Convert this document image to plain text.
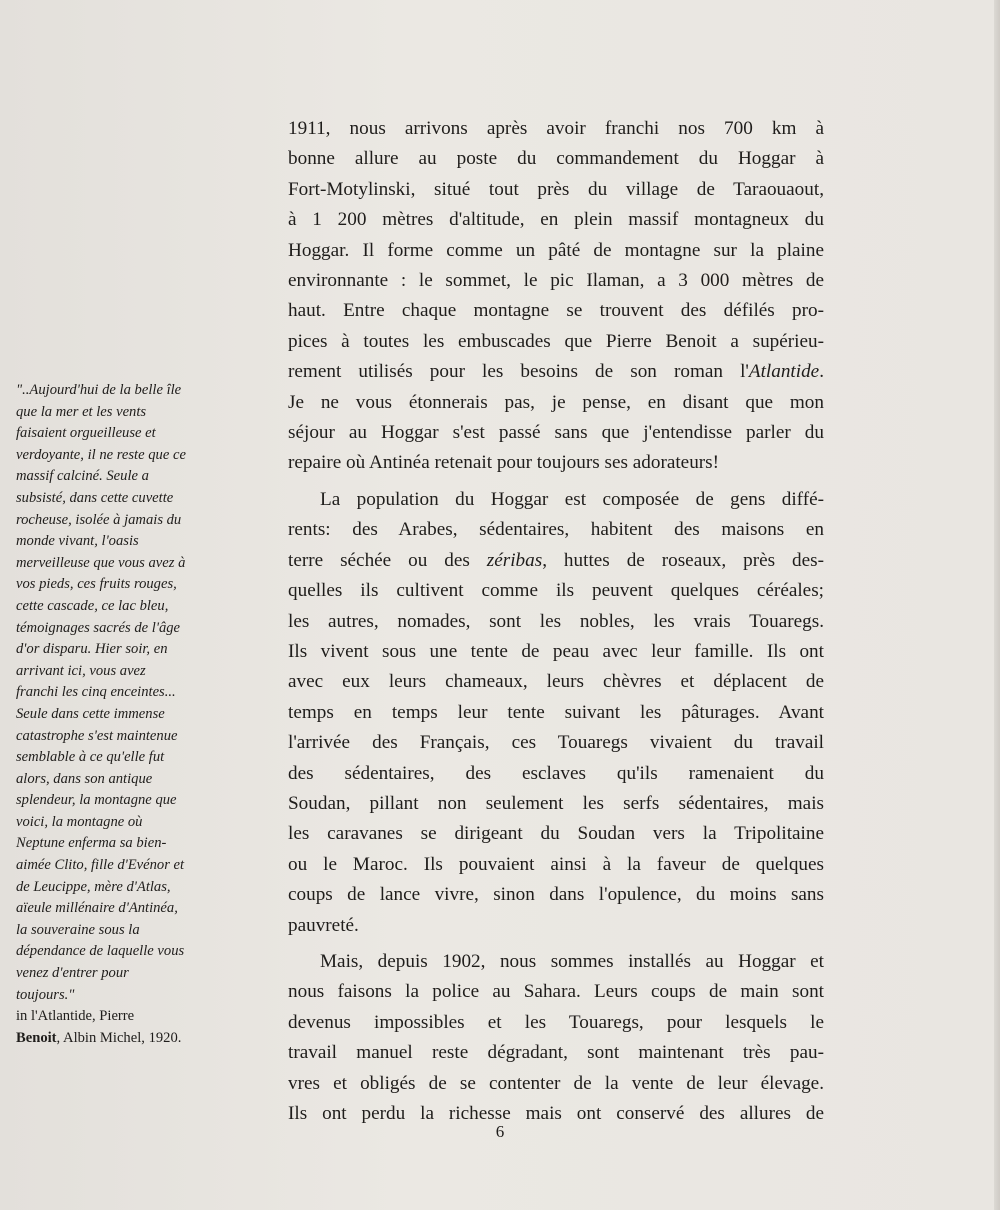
"..Aujourd'hui de la belle île
que la mer et les vents
faisaient orgueilleuse et
verdoyante, il ne reste que ce
massif calciné. Seule a
subsisté, dans cette cuvette
rocheuse, isolée à jamais du
monde vivant, l'oasis
merveilleuse que vous avez à
vos pieds, ces fruits rouges,
cette cascade, ce lac bleu,
témoignages sacrés de l'âge
d'or disparu. Hier soir, en
arrivant ici, vous avez
franchi les cinq enceintes...
Seule dans cette immense
catastrophe s'est maintenue
semblable à ce qu'elle fut
alors, dans son antique
splendeur, la montagne que
voici, la montagne où
Neptune enferma sa bien-
aimée Clito, fille d'Evénor et
de Leucippe, mère d'Atlas,
aïeule millénaire d'Antinéa,
la souveraine sous la
dépendance de laquelle vous
venez d'entrer pour
toujours."
in l'Atlantide, Pierre
Benoit, Albin Michel, 1920.
1911, nous arrivons après avoir franchi nos 700 km à
bonne allure au poste du commandement du Hoggar à
Fort-Motylinski, situé tout près du village de Taraouaout,
à 1 200 mètres d'altitude, en plein massif montagneux du
Hoggar. Il forme comme un pâté de montagne sur la plaine
environnante : le sommet, le pic Ilaman, a 3 000 mètres de
haut. Entre chaque montagne se trouvent des défilés pro-
pices à toutes les embuscades que Pierre Benoit a supérieu-
rement utilisés pour les besoins de son roman l'Atlantide.
Je ne vous étonnerais pas, je pense, en disant que mon
séjour au Hoggar s'est passé sans que j'entendisse parler du
repaire où Antinéa retenait pour toujours ses adorateurs!
La population du Hoggar est composée de gens diffé-
rents: des Arabes, sédentaires, habitent des maisons en
terre séchée ou des zéribas, huttes de roseaux, près des-
quelles ils cultivent comme ils peuvent quelques céréales;
les autres, nomades, sont les nobles, les vrais Touaregs.
Ils vivent sous une tente de peau avec leur famille. Ils ont
avec eux leurs chameaux, leurs chèvres et déplacent de
temps en temps leur tente suivant les pâturages. Avant
l'arrivée des Français, ces Touaregs vivaient du travail
des sédentaires, des esclaves qu'ils ramenaient du
Soudan, pillant non seulement les serfs sédentaires, mais
les caravanes se dirigeant du Soudan vers la Tripolitaine
ou le Maroc. Ils pouvaient ainsi à la faveur de quelques
coups de lance vivre, sinon dans l'opulence, du moins sans
pauvreté.
Mais, depuis 1902, nous sommes installés au Hoggar et
nous faisons la police au Sahara. Leurs coups de main sont
devenus impossibles et les Touaregs, pour lesquels le
travail manuel reste dégradant, sont maintenant très pau-
vres et obligés de se contenter de la vente de leur élevage.
Ils ont perdu la richesse mais ont conservé des allures de
6
